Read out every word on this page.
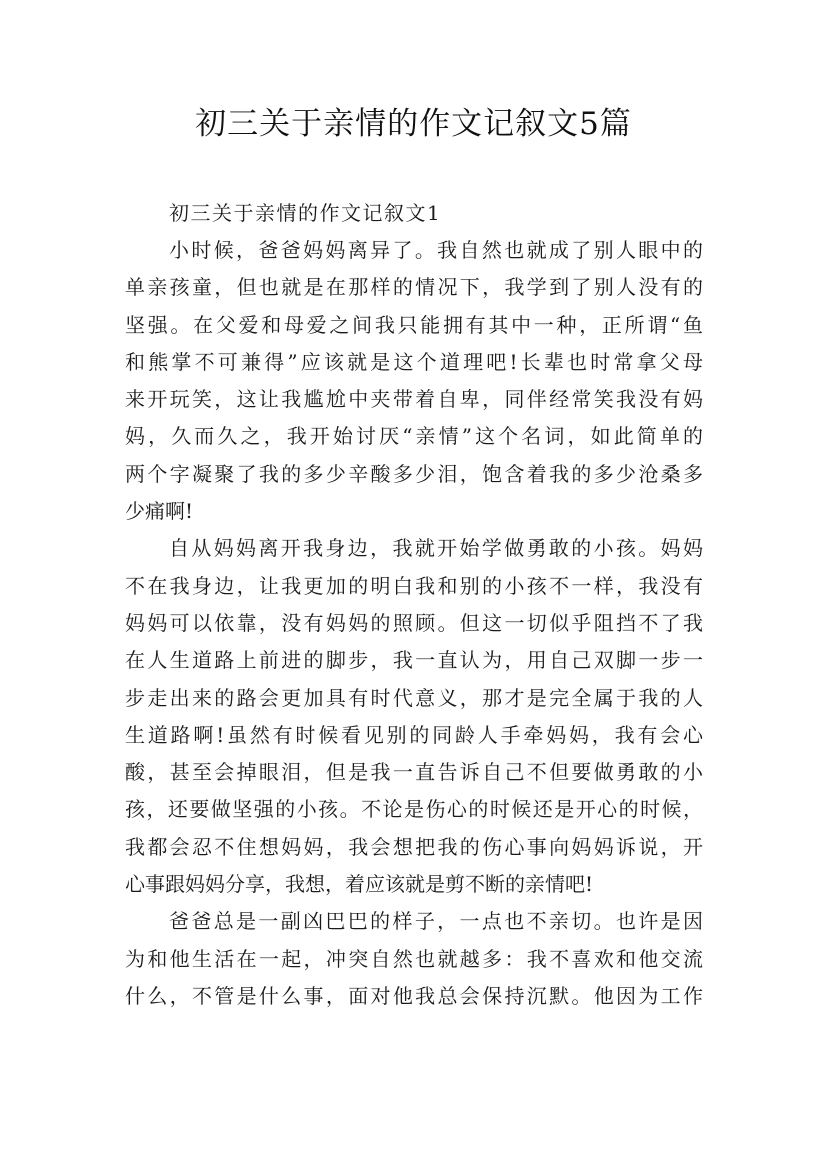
初三关于亲情的作文记叙文5篇

初三关于亲情的作文记叙文1

小时候，爸爸妈妈离异了。我自然也就成了别人眼中的
单亲孩童，但也就是在那样的情况下，我学到了别人没有的
坚强。在父爱和母爱之间我只能拥有其中一种，正所谓“鱼
和熊掌不可兼得”应该就是这个道理吧!长辈也时常拿父母
来开玩笑，这让我尴尬中夹带着自卑，同伴经常笑我没有妈
妈，久而久之，我开始讨厌“亲情”这个名词，如此简单的
两个字凝聚了我的多少辛酸多少泪，饱含着我的多少沧桑多
少痛啊!

自从妈妈离开我身边，我就开始学做勇敢的小孩。妈妈
不在我身边，让我更加的明白我和别的小孩不一样，我没有
妈妈可以依靠，没有妈妈的照顾。但这一切似乎阻挡不了我
在人生道路上前进的脚步，我一直认为，用自己双脚一步一
步走出来的路会更加具有时代意义，那才是完全属于我的人
生道路啊!虽然有时候看见别的同龄人手牵妈妈，我有会心
酸，甚至会掉眼泪，但是我一直告诉自己不但要做勇敢的小
孩，还要做坚强的小孩。不论是伤心的时候还是开心的时候，
我都会忍不住想妈妈，我会想把我的伤心事向妈妈诉说，开
心事跟妈妈分享，我想，着应该就是剪不断的亲情吧!

爸爸总是一副凶巴巴的样子，一点也不亲切。也许是因
为和他生活在一起，冲突自然也就越多：我不喜欢和他交流
什么，不管是什么事，面对他我总会保持沉默。他因为工作
